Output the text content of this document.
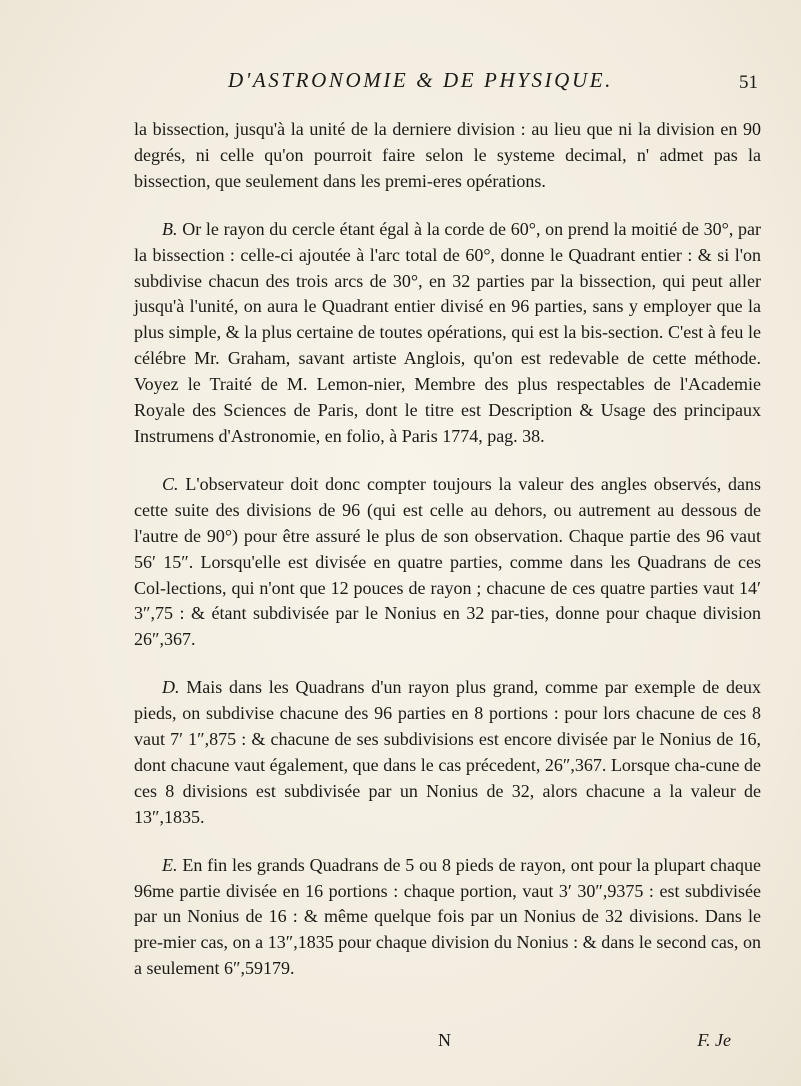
D'ASTRONOMIE & DE PHYSIQUE.	51

la bissection, jusqu'à la unité de la derniere division : au lieu que ni la division en 90 degrés, ni celle qu'on pourroit faire selon le systeme decimal, n' admet pas la bissection, que seulement dans les premi-eres opérations.

B. Or le rayon du cercle étant égal à la corde de 60°, on prend la moitié de 30°, par la bissection : celle-ci ajoutée à l'arc total de 60°, donne le Quadrant entier : & si l'on subdivise chacun des trois arcs de 30°, en 32 parties par la bissection, qui peut aller jusqu'à l'unité, on aura le Quadrant entier divisé en 96 parties, sans y employer que la plus simple, & la plus certaine de toutes opérations, qui est la bis-section. C'est à feu le célébre Mr. Graham, savant artiste Anglois, qu'on est redevable de cette méthode. Voyez le Traité de M. Lemon-nier, Membre des plus respectables de l'Academie Royale des Sciences de Paris, dont le titre est Description & Usage des principaux Instrumens d'Astronomie, en folio, à Paris 1774, pag. 38.

C. L'observateur doit donc compter toujours la valeur des angles observés, dans cette suite des divisions de 96 (qui est celle au dehors, ou autrement au dessous de l'autre de 90°) pour être assuré le plus de son observation. Chaque partie des 96 vaut 56′ 15″. Lorsqu'elle est divisée en quatre parties, comme dans les Quadrans de ces Col-lections, qui n'ont que 12 pouces de rayon ; chacune de ces quatre parties vaut 14′ 3″,75 : & étant subdivisée par le Nonius en 32 par-ties, donne pour chaque division 26″,367.

D. Mais dans les Quadrans d'un rayon plus grand, comme par exemple de deux pieds, on subdivise chacune des 96 parties en 8 portions : pour lors chacune de ces 8 vaut 7′ 1″,875 : & chacune de ses subdivisions est encore divisée par le Nonius de 16, dont chacune vaut également, que dans le cas précedent, 26″,367. Lorsque cha-cune de ces 8 divisions est subdivisée par un Nonius de 32, alors chacune a la valeur de 13″,1835.

E. En fin les grands Quadrans de 5 ou 8 pieds de rayon, ont pour la plupart chaque 96me partie divisée en 16 portions : chaque portion, vaut 3′ 30″,9375 : est subdivisée par un Nonius de 16 : & même quelque fois par un Nonius de 32 divisions. Dans le pre-mier cas, on a 13″,1835 pour chaque division du Nonius : & dans le second cas, on a seulement 6″,59179.

N	F. Je
